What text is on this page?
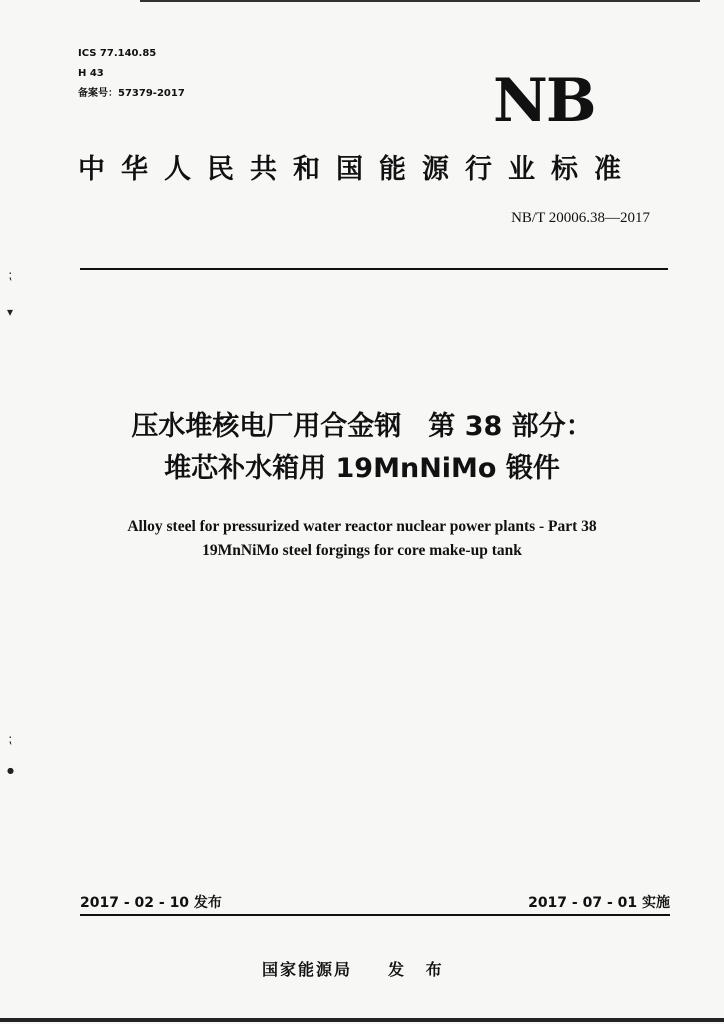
ICS 77.140.85
H 43
备案号：57379-2017	NB
中华人民共和国能源行业标准
NB/T 20006.38—2017
⁏
▾
⁏
●
压水堆核电厂用合金钢　第 38 部分：
堆芯补水箱用 19MnNiMo 锻件
Alloy steel for pressurized water reactor nuclear power plants - Part 38
19MnNiMo steel forgings for core make-up tank
2017 - 02 - 10 发布	2017 - 07 - 01 实施
国家能源局 发 布
